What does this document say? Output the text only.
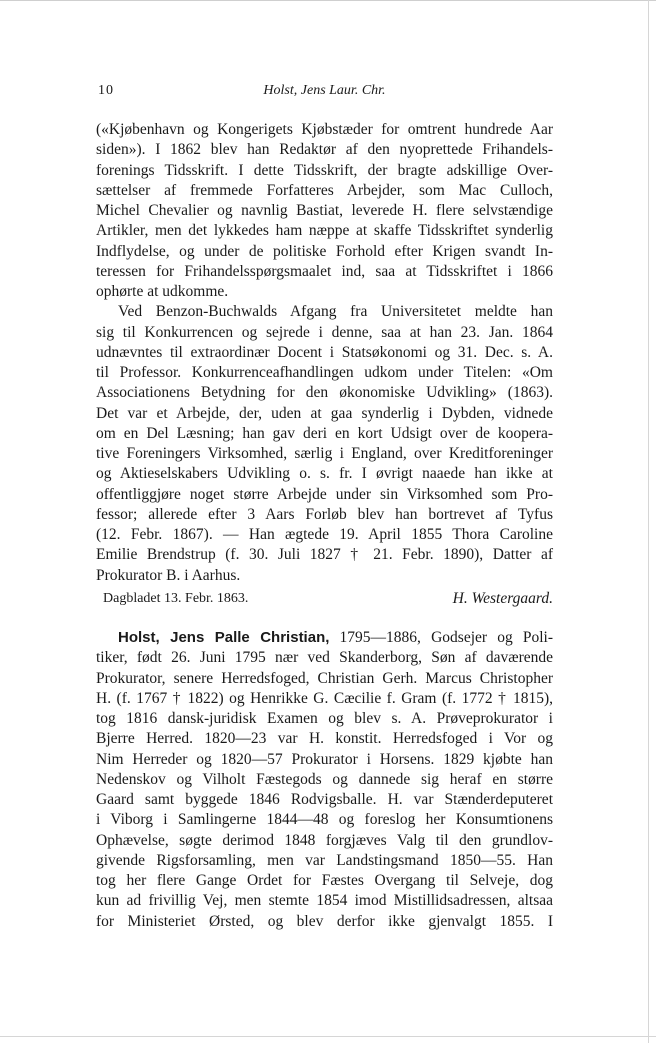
10	Holst, Jens Laur. Chr.
(«Kjøbenhavn og Kongerigets Kjøbstæder for omtrent hundrede Aar
siden»). I 1862 blev han Redaktør af den nyoprettede Frihandels-
forenings Tidsskrift. I dette Tidsskrift, der bragte adskillige Over-
sættelser af fremmede Forfatteres Arbejder, som Mac Culloch,
Michel Chevalier og navnlig Bastiat, leverede H. flere selvstændige
Artikler, men det lykkedes ham næppe at skaffe Tidsskriftet synderlig
Indflydelse, og under de politiske Forhold efter Krigen svandt In-
teressen for Frihandelsspørgsmaalet ind, saa at Tidsskriftet i 1866
ophørte at udkomme.
Ved Benzon-Buchwalds Afgang fra Universitetet meldte han
sig til Konkurrencen og sejrede i denne, saa at han 23. Jan. 1864
udnævntes til extraordinær Docent i Statsøkonomi og 31. Dec. s. A.
til Professor. Konkurrenceafhandlingen udkom under Titelen: «Om
Associationens Betydning for den økonomiske Udvikling» (1863).
Det var et Arbejde, der, uden at gaa synderlig i Dybden, vidnede
om en Del Læsning; han gav deri en kort Udsigt over de koopera-
tive Foreningers Virksomhed, særlig i England, over Kreditforeninger
og Aktieselskabers Udvikling o. s. fr. I øvrigt naaede han ikke at
offentliggjøre noget større Arbejde under sin Virksomhed som Pro-
fessor; allerede efter 3 Aars Forløb blev han bortrevet af Tyfus
(12. Febr. 1867). — Han ægtede 19. April 1855 Thora Caroline
Emilie Brendstrup (f. 30. Juli 1827 † 21. Febr. 1890), Datter af
Prokurator B. i Aarhus.
Dagbladet 13. Febr. 1863.	H. Westergaard.
Holst, Jens Palle Christian, 1795—1886, Godsejer og Poli-
tiker, født 26. Juni 1795 nær ved Skanderborg, Søn af daværende
Prokurator, senere Herredsfoged, Christian Gerh. Marcus Christopher
H. (f. 1767 † 1822) og Henrikke G. Cæcilie f. Gram (f. 1772 † 1815),
tog 1816 dansk-juridisk Examen og blev s. A. Prøveprokurator i
Bjerre Herred. 1820—23 var H. konstit. Herredsfoged i Vor og
Nim Herreder og 1820—57 Prokurator i Horsens. 1829 kjøbte han
Nedenskov og Vilholt Fæstegods og dannede sig heraf en større
Gaard samt byggede 1846 Rodvigsballe. H. var Stænderdeputeret
i Viborg i Samlingerne 1844—48 og foreslog her Konsumtionens
Ophævelse, søgte derimod 1848 forgjæves Valg til den grundlov-
givende Rigsforsamling, men var Landstingsmand 1850—55. Han
tog her flere Gange Ordet for Fæstes Overgang til Selveje, dog
kun ad frivillig Vej, men stemte 1854 imod Mistillidsadressen, altsaa
for Ministeriet Ørsted, og blev derfor ikke gjenvalgt 1855. I
